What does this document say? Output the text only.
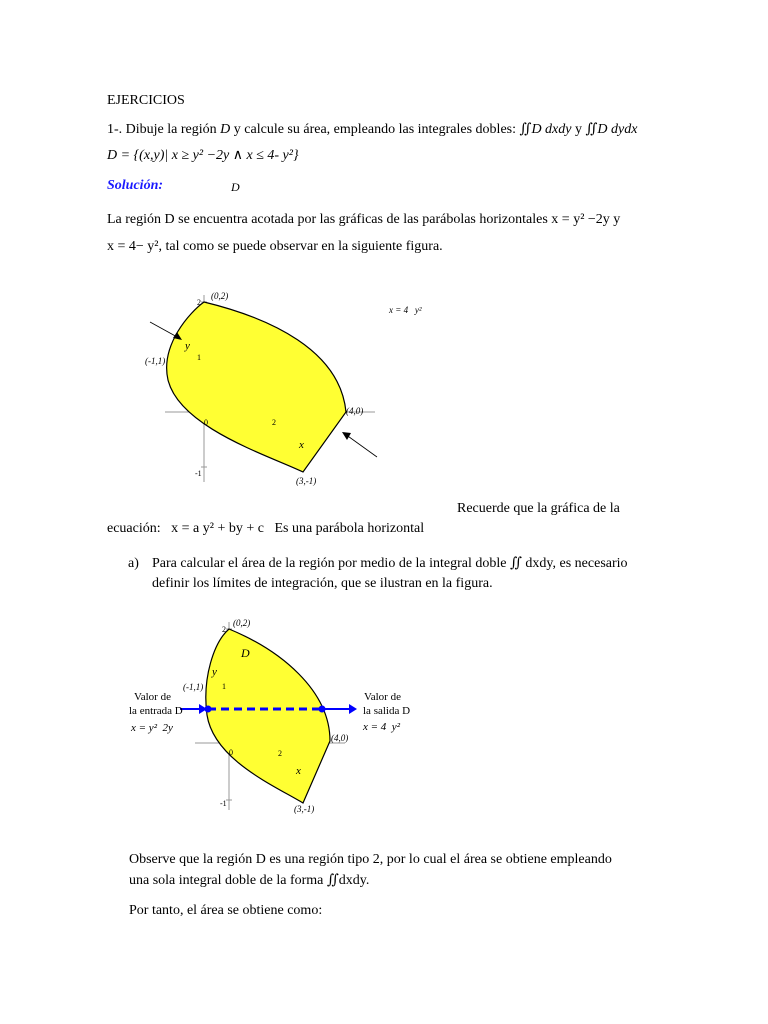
EJERCICIOS
1-. Dibuje la región D y calcule su área, empleando las integrales dobles: ∬D dxdy y ∬D dydx
D = {(x,y)| x ≥ y² −2y ∧ x ≤ 4- y²}
Solución:	D
La región D se encuentra acotada por las gráficas de las parábolas horizontales x = y² −2y y
x = 4− y², tal como se puede observar en la siguiente figura.
(0,2)
2
1
0
-1
2
(-1,1)
y
(4,0)
x
(3,-1)
x = 4   y²
Recuerde que la gráfica de la
ecuación:   x = a y² + by + c   Es una parábola horizontal
a) Para calcular el área de la región por medio de la integral doble ∬ dxdy, es necesario
definir los límites de integración, que se ilustran en la figura.
(0,2)
2
1
0
-1
2
D
y
(-1,1)
(4,0)
x
(3,-1)
Valor de
la entrada D
x = y²  2y
Valor de
la salida D
x = 4  y²
Observe que la región D es una región tipo 2, por lo cual el área se obtiene empleando
una sola integral doble de la forma ∬dxdy.
Por tanto, el área se obtiene como:
